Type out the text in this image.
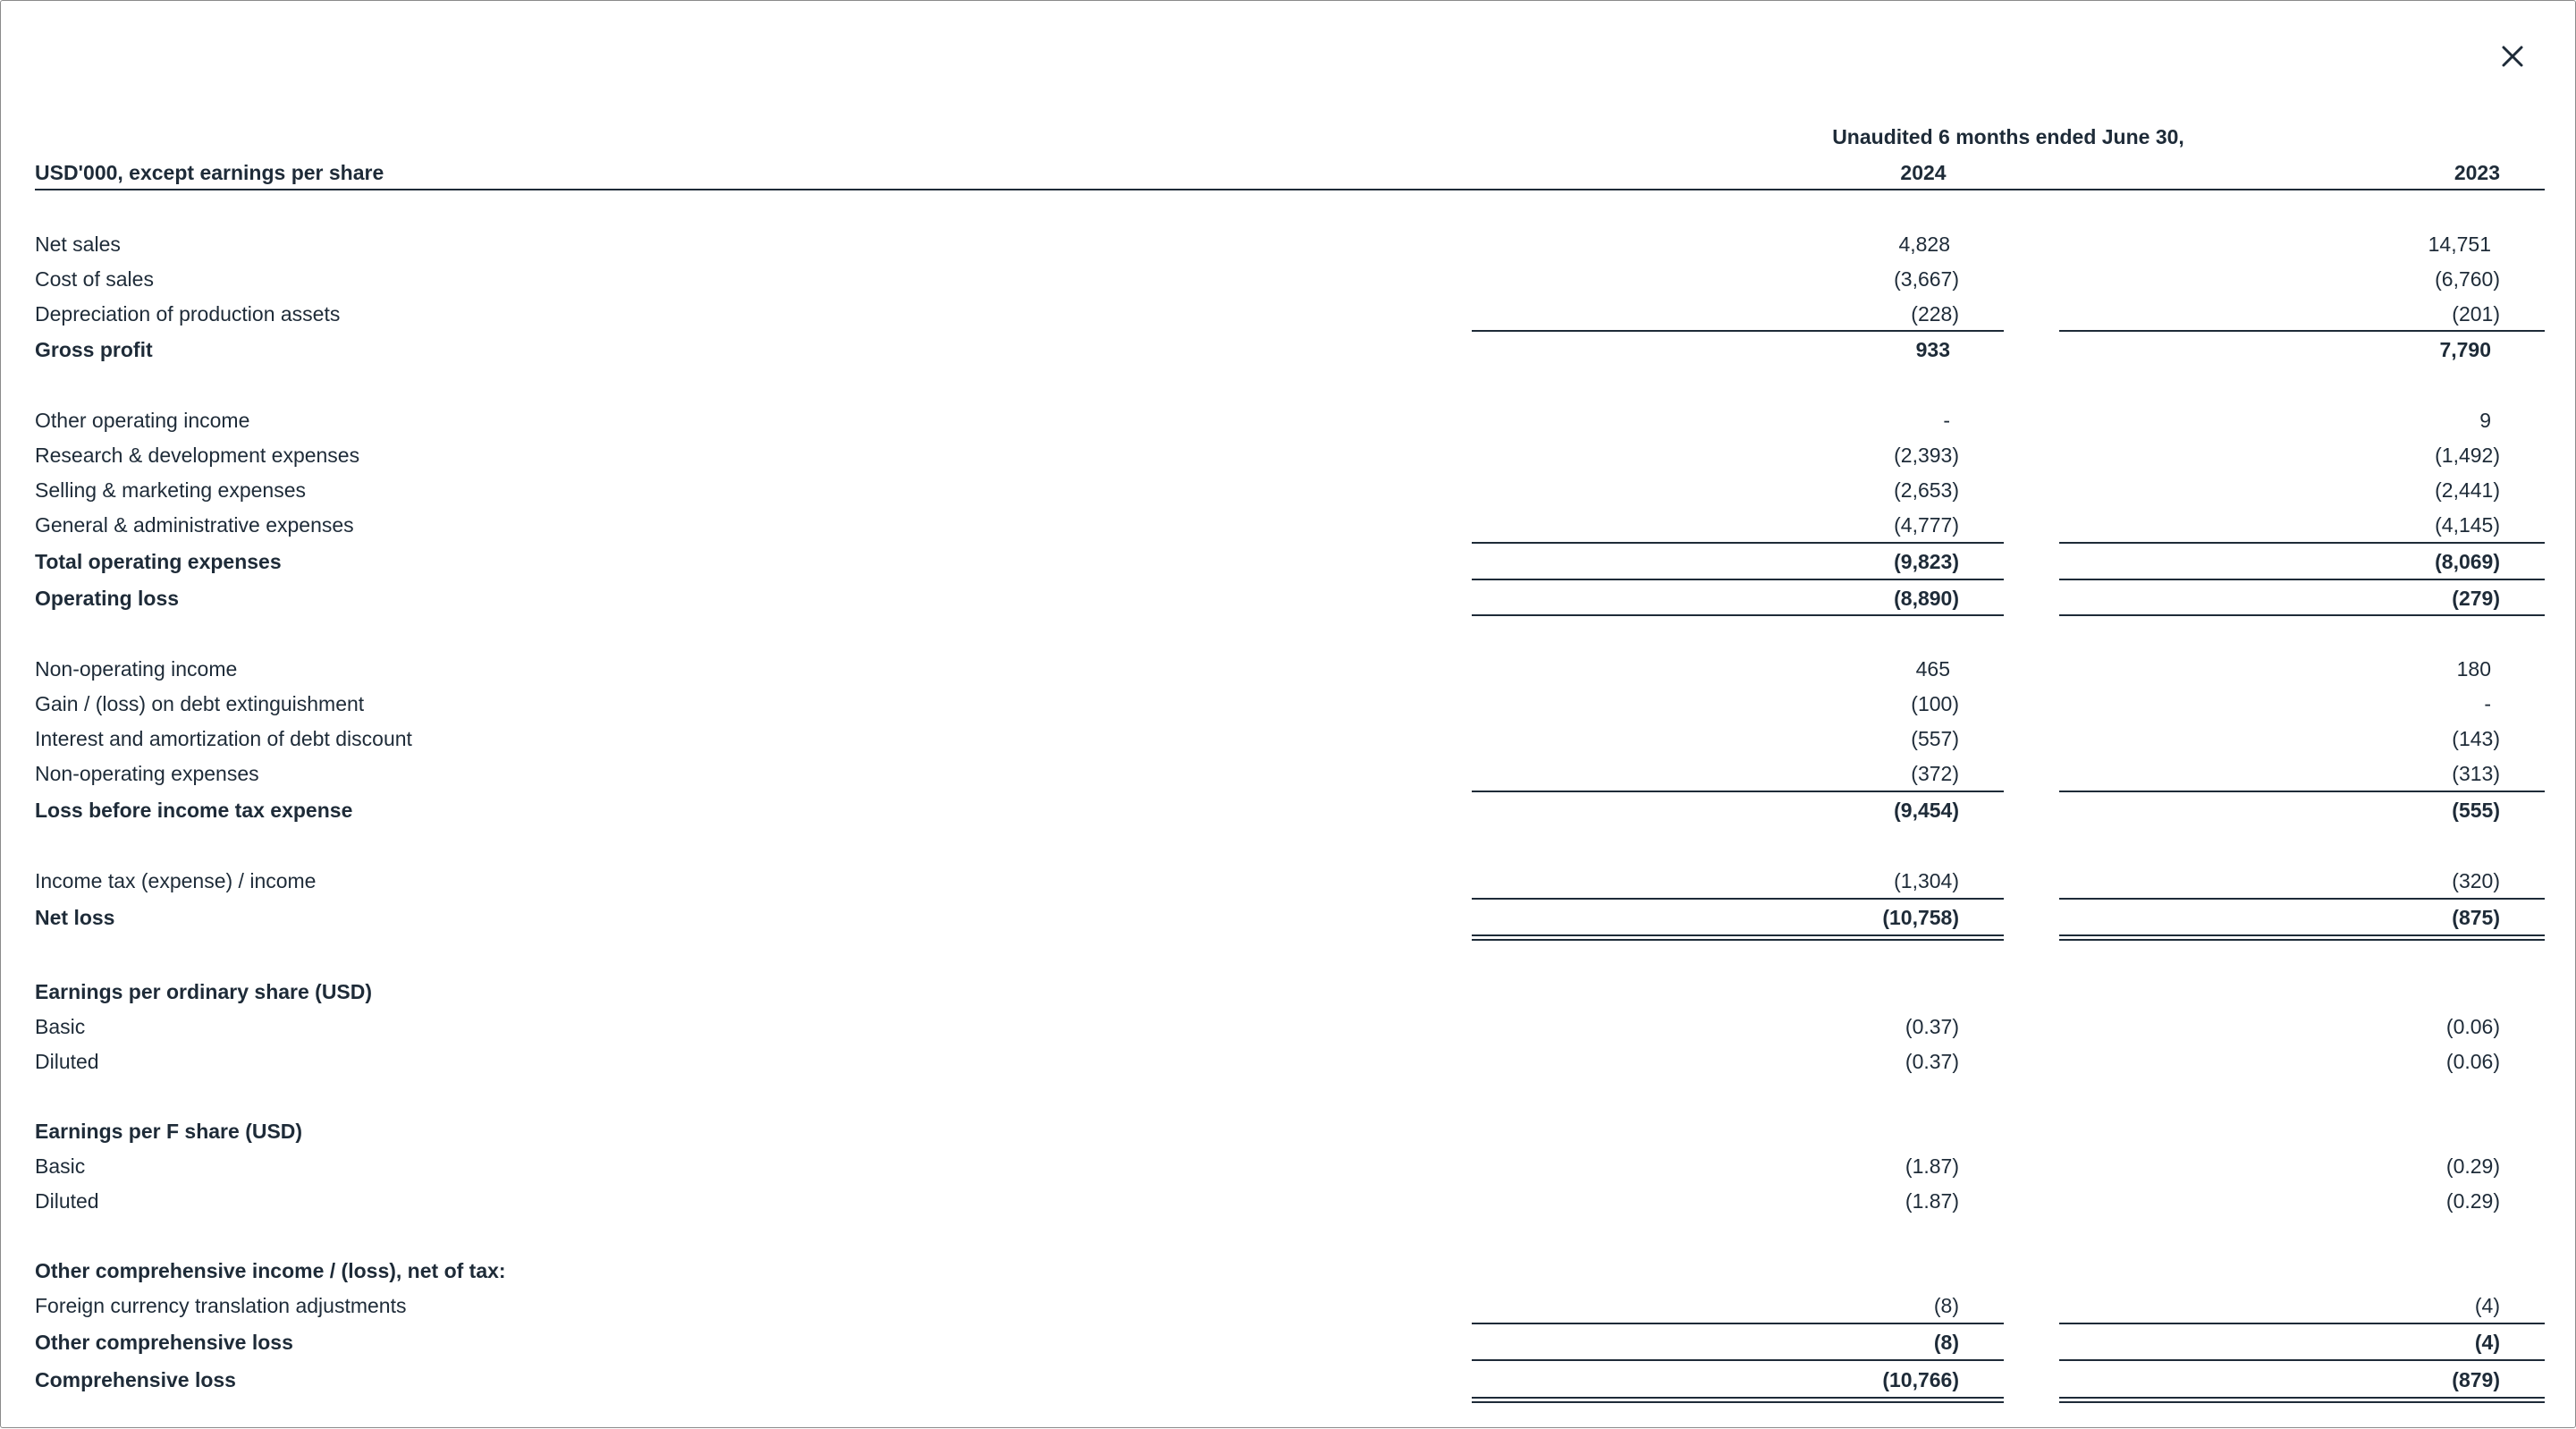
Unaudited 6 months ended June 30,
USD'000, except earnings per share	2024	2023
Net sales	4,828	14,751
Cost of sales	(3,667)	(6,760)
Depreciation of production assets	(228)	(201)
Gross profit	933	7,790
Other operating income	-	9
Research & development expenses	(2,393)	(1,492)
Selling & marketing expenses	(2,653)	(2,441)
General & administrative expenses	(4,777)	(4,145)
Total operating expenses	(9,823)	(8,069)
Operating loss	(8,890)	(279)
Non-operating income	465	180
Gain / (loss) on debt extinguishment	(100)	-
Interest and amortization of debt discount	(557)	(143)
Non-operating expenses	(372)	(313)
Loss before income tax expense	(9,454)	(555)
Income tax (expense) / income	(1,304)	(320)
Net loss	(10,758)	(875)
Earnings per ordinary share (USD)
Basic	(0.37)	(0.06)
Diluted	(0.37)	(0.06)
Earnings per F share (USD)
Basic	(1.87)	(0.29)
Diluted	(1.87)	(0.29)
Other comprehensive income / (loss), net of tax:
Foreign currency translation adjustments	(8)	(4)
Other comprehensive loss	(8)	(4)
Comprehensive loss	(10,766)	(879)
